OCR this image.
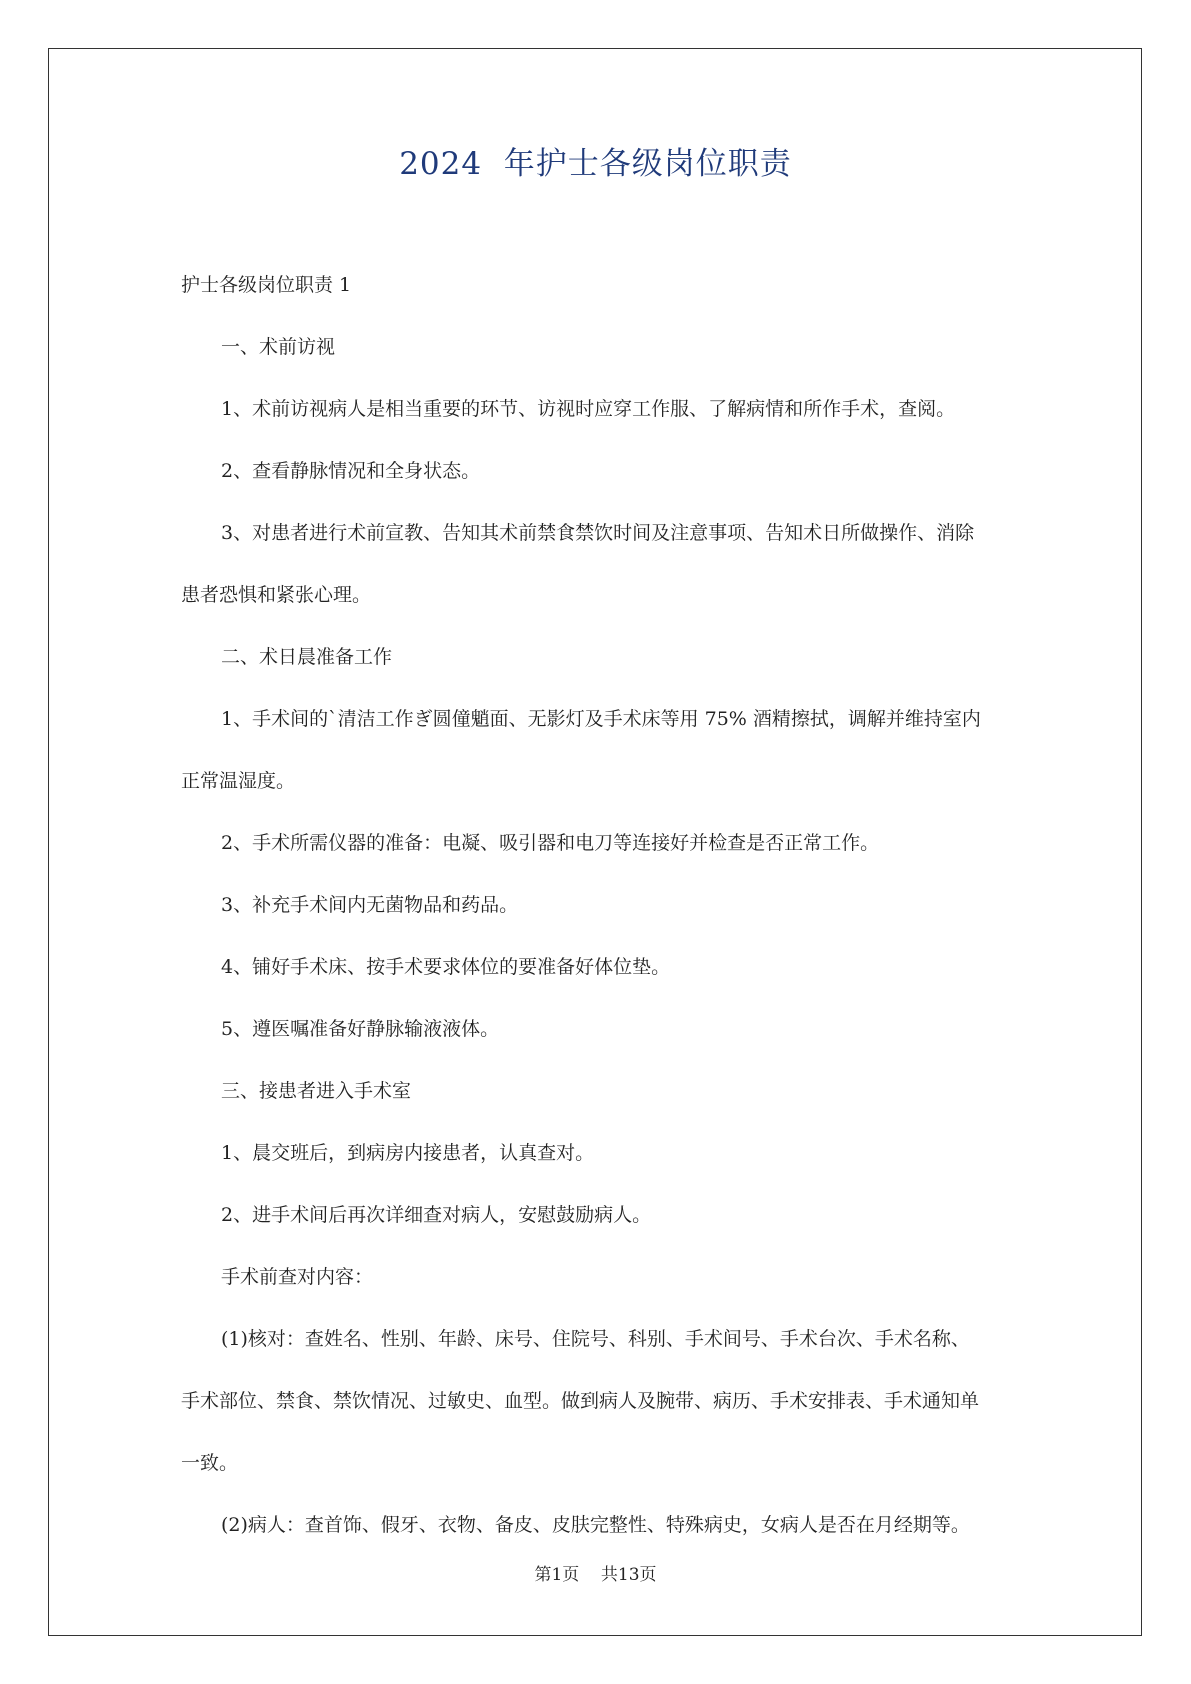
2024  年护士各级岗位职责

护士各级岗位职责 1

一、术前访视

1、术前访视病人是相当重要的环节、访视时应穿工作服、了解病情和所作手术，查阅。

2、查看静脉情况和全身状态。

3、对患者进行术前宣教、告知其术前禁食禁饮时间及注意事项、告知术日所做操作、消除

患者恐惧和紧张心理。

二、术日晨准备工作

1、手术间的`清洁工作ぎ圆僮魈面、无影灯及手术床等用 75% 酒精擦拭，调解并维持室内

正常温湿度。

2、手术所需仪器的准备：电凝、吸引器和电刀等连接好并检查是否正常工作。

3、补充手术间内无菌物品和药品。

4、铺好手术床、按手术要求体位的要准备好体位垫。

5、遵医嘱准备好静脉输液液体。

三、接患者进入手术室

1、晨交班后，到病房内接患者，认真查对。

2、进手术间后再次详细查对病人，安慰鼓励病人。

手术前查对内容：

(1)核对：查姓名、性别、年龄、床号、住院号、科别、手术间号、手术台次、手术名称、

手术部位、禁食、禁饮情况、过敏史、血型。做到病人及腕带、病历、手术安排表、手术通知单

一致。

(2)病人：查首饰、假牙、衣物、备皮、皮肤完整性、特殊病史，女病人是否在月经期等。

第1页    共13页
